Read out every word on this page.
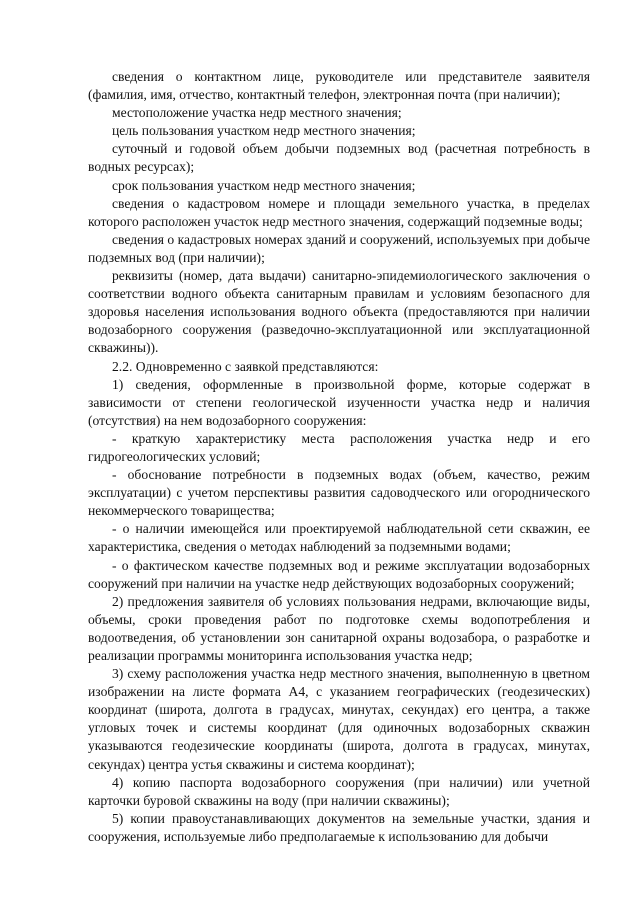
сведения о контактном лице, руководителе или представителе заявителя (фамилия, имя, отчество, контактный телефон, электронная почта (при наличии);

местоположение участка недр местного значения;

цель пользования участком недр местного значения;

суточный и годовой объем добычи подземных вод (расчетная потребность в водных ресурсах);

срок пользования участком недр местного значения;

сведения о кадастровом номере и площади земельного участка, в пределах которого расположен участок недр местного значения, содержащий подземные воды;

сведения о кадастровых номерах зданий и сооружений, используемых при добыче подземных вод (при наличии);

реквизиты (номер, дата выдачи) санитарно-эпидемиологического заключения о соответствии водного объекта санитарным правилам и условиям безопасного для здоровья населения использования водного объекта (предоставляются при наличии водозаборного сооружения (разведочно-эксплуатационной или эксплуатационной скважины)).

2.2. Одновременно с заявкой представляются:

1) сведения, оформленные в произвольной форме, которые содержат в зависимости от степени геологической изученности участка недр и наличия (отсутствия) на нем водозаборного сооружения:

- краткую характеристику места расположения участка недр и его гидрогеологических условий;

- обоснование потребности в подземных водах (объем, качество, режим эксплуатации) с учетом перспективы развития садоводческого или огороднического некоммерческого товарищества;

- о наличии имеющейся или проектируемой наблюдательной сети скважин, ее характеристика, сведения о методах наблюдений за подземными водами;

- о фактическом качестве подземных вод и режиме эксплуатации водозаборных сооружений при наличии на участке недр действующих водозаборных сооружений;

2) предложения заявителя об условиях пользования недрами, включающие виды, объемы, сроки проведения работ по подготовке схемы водопотребления и водоотведения, об установлении зон санитарной охраны водозабора, о разработке и реализации программы мониторинга использования участка недр;

3) схему расположения участка недр местного значения, выполненную в цветном изображении на листе формата А4, с указанием географических (геодезических) координат (широта, долгота в градусах, минутах, секундах) его центра, а также угловых точек и системы координат (для одиночных водозаборных скважин указываются геодезические координаты (широта, долгота в градусах, минутах, секундах) центра устья скважины и система координат);

4) копию паспорта водозаборного сооружения (при наличии) или учетной карточки буровой скважины на воду (при наличии скважины);

5) копии правоустанавливающих документов на земельные участки, здания и сооружения, используемые либо предполагаемые к использованию для добычи
